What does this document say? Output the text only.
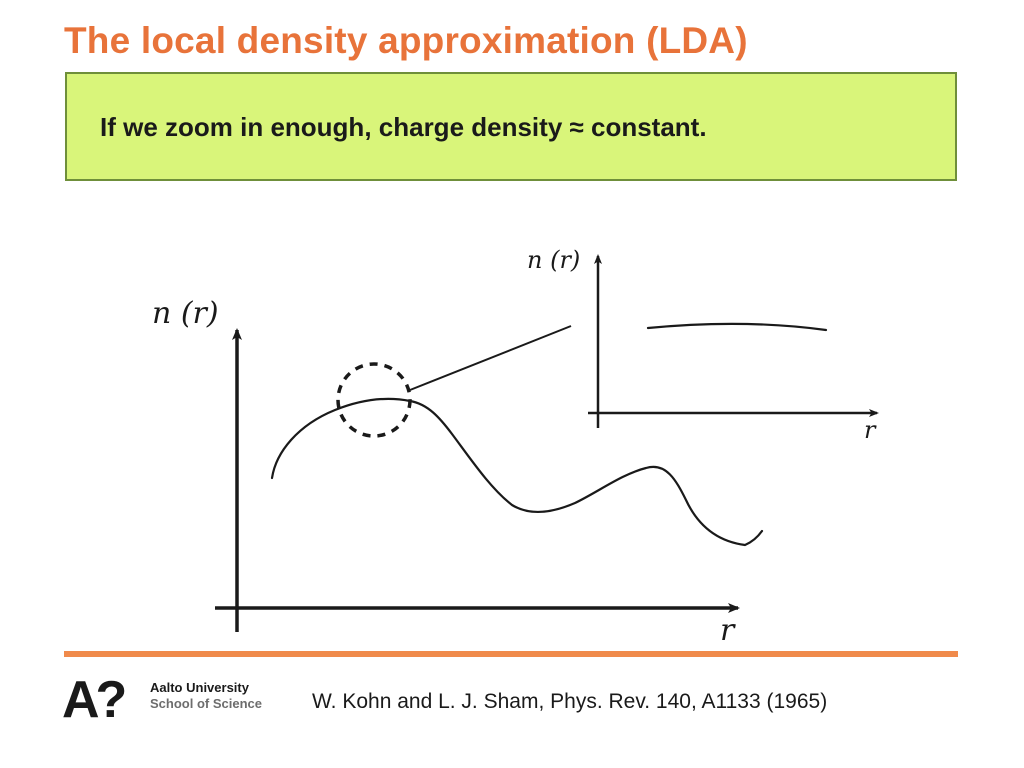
The local density approximation (LDA)
If we zoom in enough, charge density ≈ constant.
n (r)
r
n (r)
r
A? Aalto University
School of Science W. Kohn and L. J. Sham, Phys. Rev. 140, A1133 (1965)
